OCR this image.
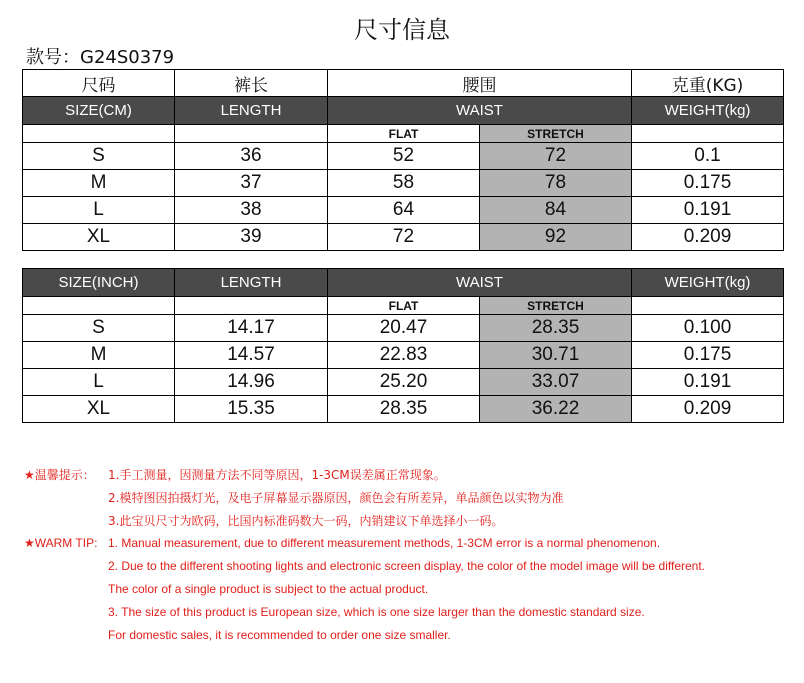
尺寸信息
款号：G24S0379
尺码	裤长	腰围		克重(KG)
SIZE(CM)	LENGTH	WAIST		WEIGHT(kg)
		FLAT	STRETCH	
S	36	52	72	0.1
M	37	58	78	0.175
L	38	64	84	0.191
XL	39	72	92	0.209
SIZE(INCH)	LENGTH	WAIST		WEIGHT(kg)
		FLAT	STRETCH	
S	14.17	20.47	28.35	0.100
M	14.57	22.83	30.71	0.175
L	14.96	25.20	33.07	0.191
XL	15.35	28.35	36.22	0.209
★温馨提示： 1.手工测量，因测量方法不同等原因，1-3CM误差属正常现象。
2.模特图因拍摄灯光，及电子屏幕显示器原因，颜色会有所差异，单品颜色以实物为准
3.此宝贝尺寸为欧码，比国内标准码数大一码，内销建议下单选择小一码。
★WARM TIP: 1. Manual measurement, due to different measurement methods, 1-3CM error is a normal phenomenon.
2. Due to the different shooting lights and electronic screen display, the color of the model image will be different.
The color of a single product is subject to the actual product.
3. The size of this product is European size, which is one size larger than the domestic standard size.
For domestic sales, it is recommended to order one size smaller.
